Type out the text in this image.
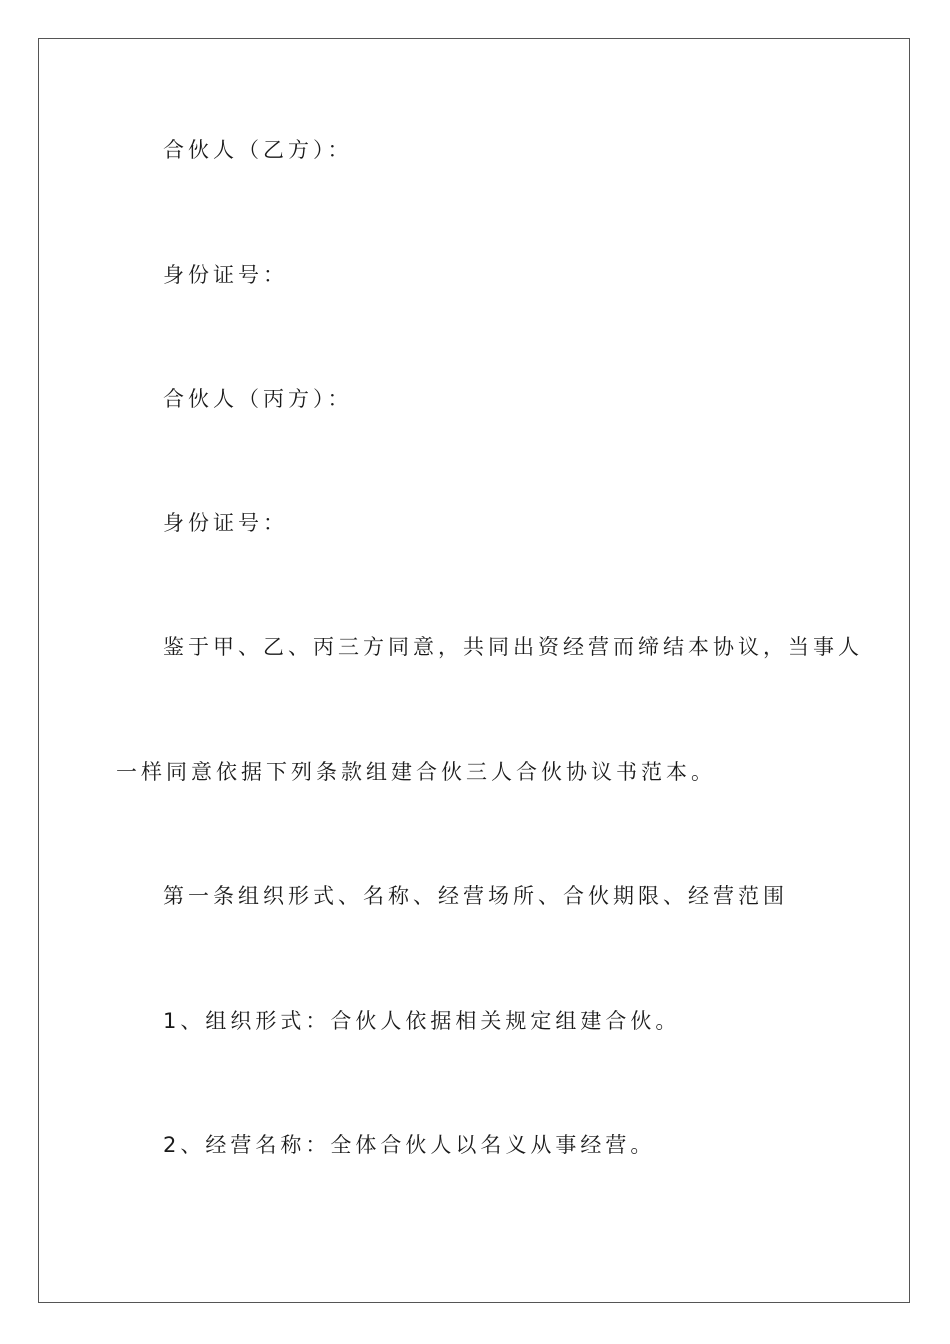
合伙人（乙方）：
身份证号：
合伙人（丙方）：
身份证号：
鉴于甲、乙、丙三方同意，共同出资经营而缔结本协议，当事人
一样同意依据下列条款组建合伙三人合伙协议书范本。
第一条组织形式、名称、经营场所、合伙期限、经营范围
1、组织形式：合伙人依据相关规定组建合伙。
2、经营名称：全体合伙人以名义从事经营。
